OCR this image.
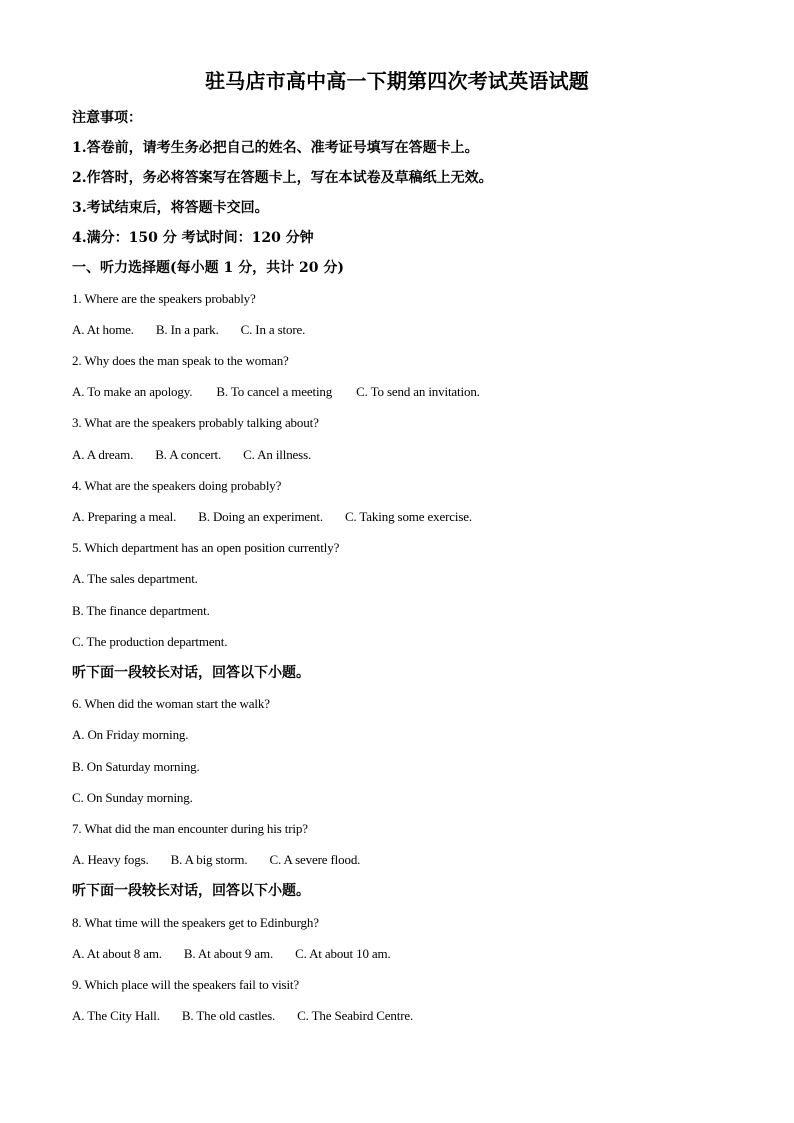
驻马店市高中高一下期第四次考试英语试题
注意事项：
1.答卷前，请考生务必把自己的姓名、准考证号填写在答题卡上。
2.作答时，务必将答案写在答题卡上，写在本试卷及草稿纸上无效。
3.考试结束后，将答题卡交回。
4.满分：150 分 考试时间：120 分钟
一、听力选择题(每小题 1 分，共计 20 分)
1. Where are the speakers probably?
A. At home. B. In a park. C. In a store.
2. Why does the man speak to the woman?
A. To make an apology. B. To cancel a meeting C. To send an invitation.
3. What are the speakers probably talking about?
A. A dream. B. A concert. C. An illness.
4. What are the speakers doing probably?
A. Preparing a meal. B. Doing an experiment. C. Taking some exercise.
5. Which department has an open position currently?
A. The sales department.
B. The finance department.
C. The production department.
听下面一段较长对话，回答以下小题。
6. When did the woman start the walk?
A. On Friday morning.
B. On Saturday morning.
C. On Sunday morning.
7. What did the man encounter during his trip?
A. Heavy fogs. B. A big storm. C. A severe flood.
听下面一段较长对话，回答以下小题。
8. What time will the speakers get to Edinburgh?
A. At about 8 am. B. At about 9 am. C. At about 10 am.
9. Which place will the speakers fail to visit?
A. The City Hall. B. The old castles. C. The Seabird Centre.
